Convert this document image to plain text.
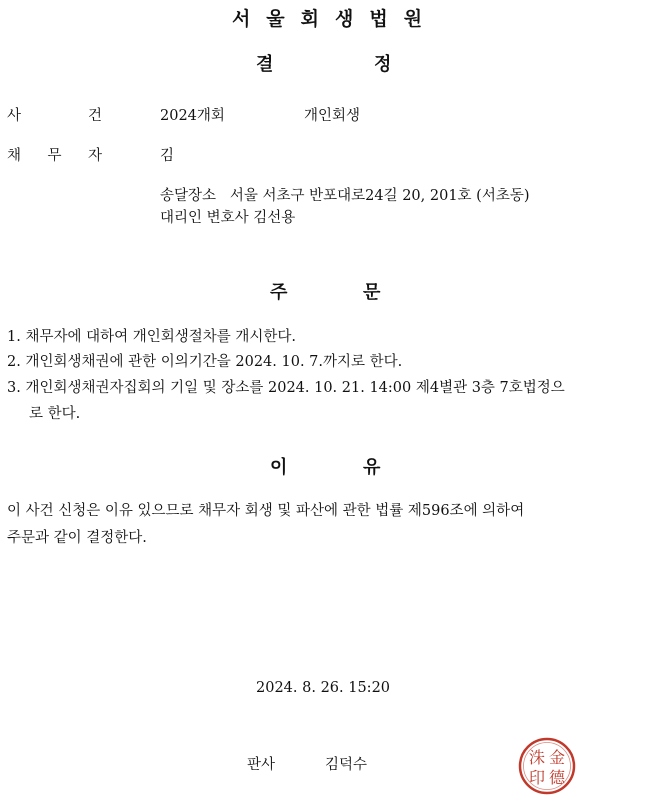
서울회생법원
결	정
사	건	2024개회	개인회생
채 무 자	김
송달장소   서울 서초구 반포대로24길 20, 201호 (서초동)
대리인 변호사 김선용
주	문
1. 채무자에 대하여 개인회생절차를 개시한다.
2. 개인회생채권에 관한 이의기간을 2024. 10. 7.까지로 한다.
3. 개인회생채권자집회의 기일 및 장소를 2024. 10. 21. 14:00 제4별관 3층 7호법정으
로 한다.
이	유
이 사건 신청은 이유 있으므로 채무자 회생 및 파산에 관한 법률 제596조에 의하여
주문과 같이 결정한다.
2024. 8. 26. 15:20
판사	김덕수	金
德
洙
印
